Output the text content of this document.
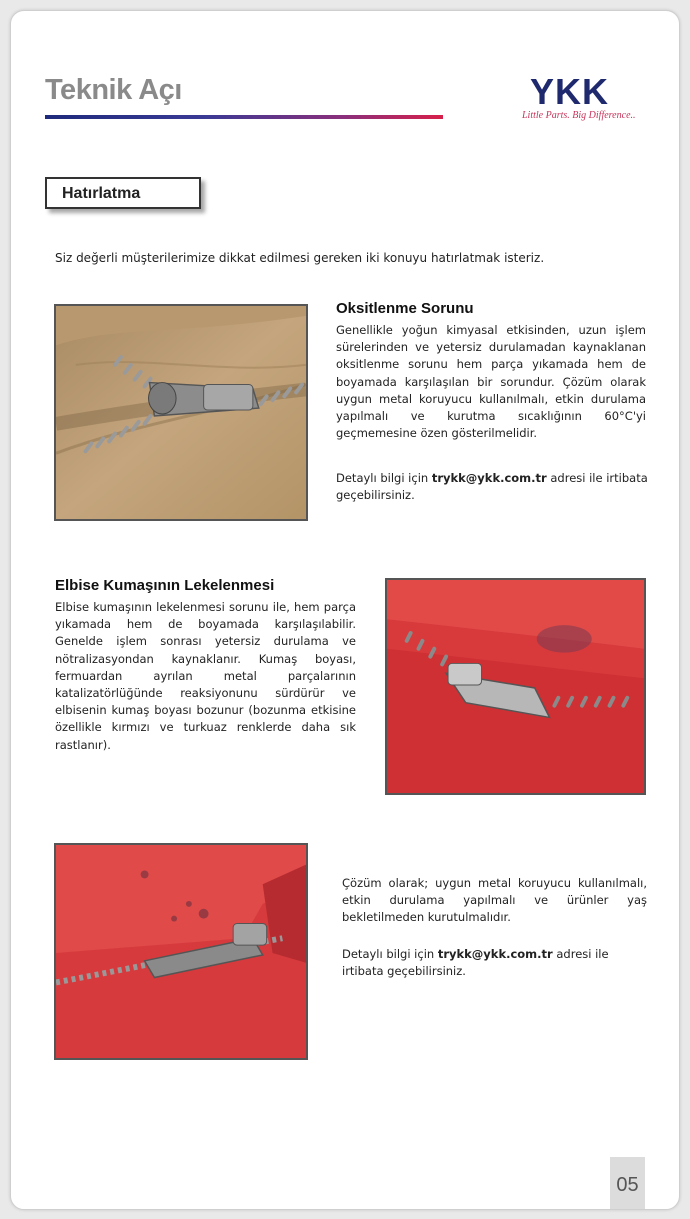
Teknik Açı	YKK
Little Parts. Big Difference..
Hatırlatma
Siz değerli müşterilerimize dikkat edilmesi gereken iki konuyu hatırlatmak isteriz.
Oksitlenme Sorunu

Genellikle yoğun kimyasal etkisinden, uzun işlem sürelerinden ve yetersiz durulamadan kaynaklanan oksitlenme sorunu hem parça yıkamada hem de boyamada karşılaşılan bir sorundur. Çözüm olarak uygun metal koruyucu kullanılmalı, etkin durulama yapılmalı ve kurutma sıcaklığının 60°C'yi geçmemesine özen gösterilmelidir.

Detaylı bilgi için trykk@ykk.com.tr adresi ile irtibata geçebilirsiniz.

Elbise Kumaşının Lekelenmesi

Elbise kumaşının lekelenmesi sorunu ile, hem parça yıkamada hem de boyamada karşılaşılabilir. Genelde işlem sonrası yetersiz durulama ve nötralizasyondan kaynaklanır. Kumaş boyası, fermuardan ayrılan metal parçalarının katalizatörlüğünde reaksiyonunu sürdürür ve elbisenin kumaş boyası bozunur (bozunma etkisine özellikle kırmızı ve turkuaz renklerde daha sık rastlanır).

Çözüm olarak; uygun metal koruyucu kullanılmalı, etkin durulama yapılmalı ve ürünler yaş bekletilmeden kurutulmalıdır.

Detaylı bilgi için trykk@ykk.com.tr adresi ile irtibata geçebilirsiniz.

05
